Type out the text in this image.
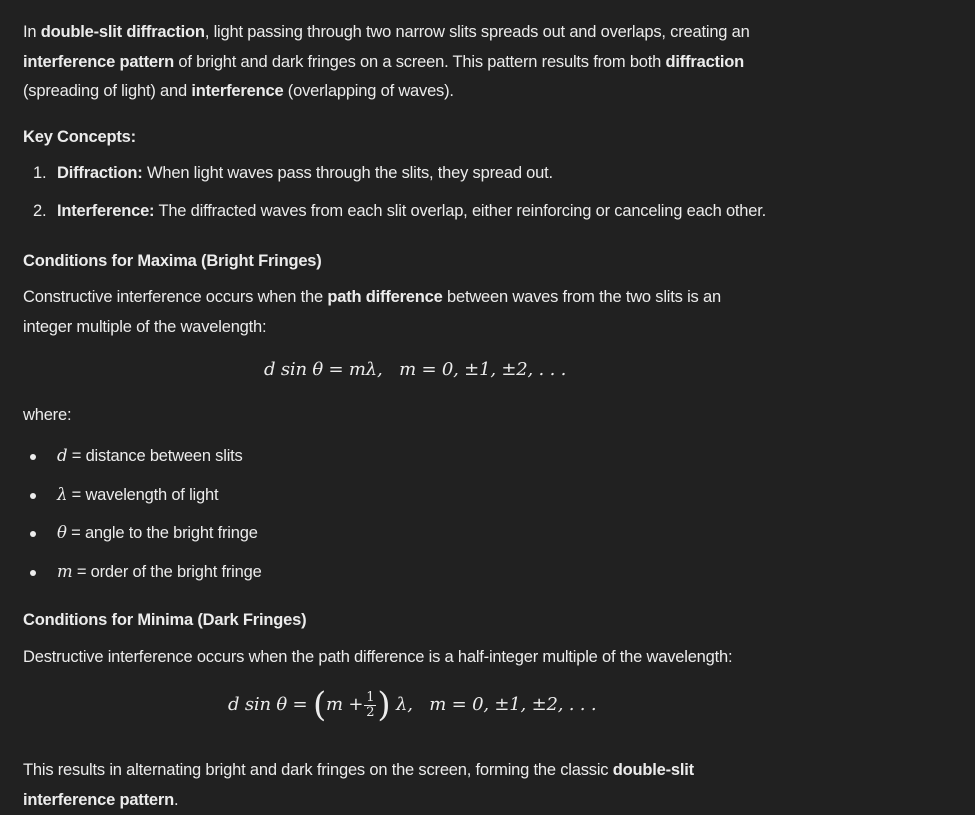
In double-slit diffraction, light passing through two narrow slits spreads out and overlaps, creating an
interference pattern of bright and dark fringes on a screen. This pattern results from both diffraction
(spreading of light) and interference (overlapping of waves).

Key Concepts:

1. Diffraction: When light waves pass through the slits, they spread out.

2. Interference: The diffracted waves from each slit overlap, either reinforcing or canceling each other.

Conditions for Maxima (Bright Fringes)

Constructive interference occurs when the path difference between waves from the two slits is an
integer multiple of the wavelength:

d sin θ = mλ, m = 0, ±1, ±2, . . .

where:

d = distance between slits
λ = wavelength of light
θ = angle to the bright fringe
m = order of the bright fringe

Conditions for Minima (Dark Fringes)

Destructive interference occurs when the path difference is a half-integer multiple of the wavelength:

d $\sin \theta = (m + \frac{1}{2}$ ) λ, m = 0, ±1, ±2, . . .

This results in alternating bright and dark fringes on the screen, forming the classic double-slit
interference pattern.
